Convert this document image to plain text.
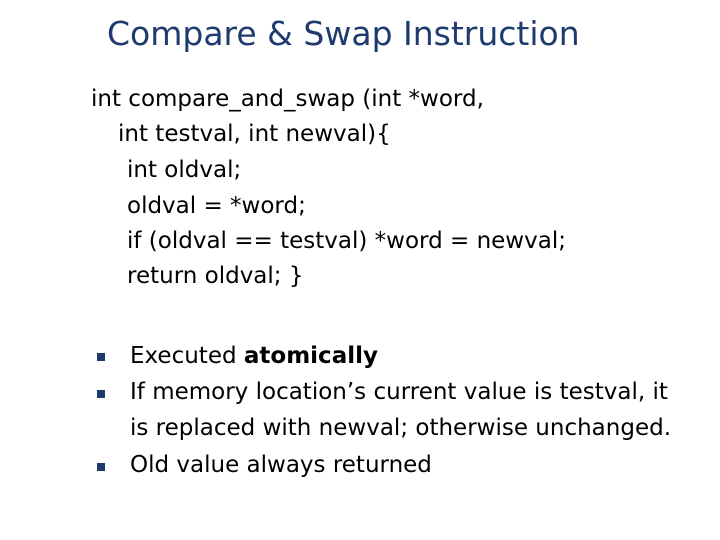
Compare & Swap Instruction
int compare_and_swap (int *word,
int testval, int newval){
int oldval;
oldval = *word;
if (oldval == testval) *word = newval;
return oldval; }
Executed atomically
If memory location’s current value is testval, it
is replaced with newval; otherwise unchanged.
Old value always returned
